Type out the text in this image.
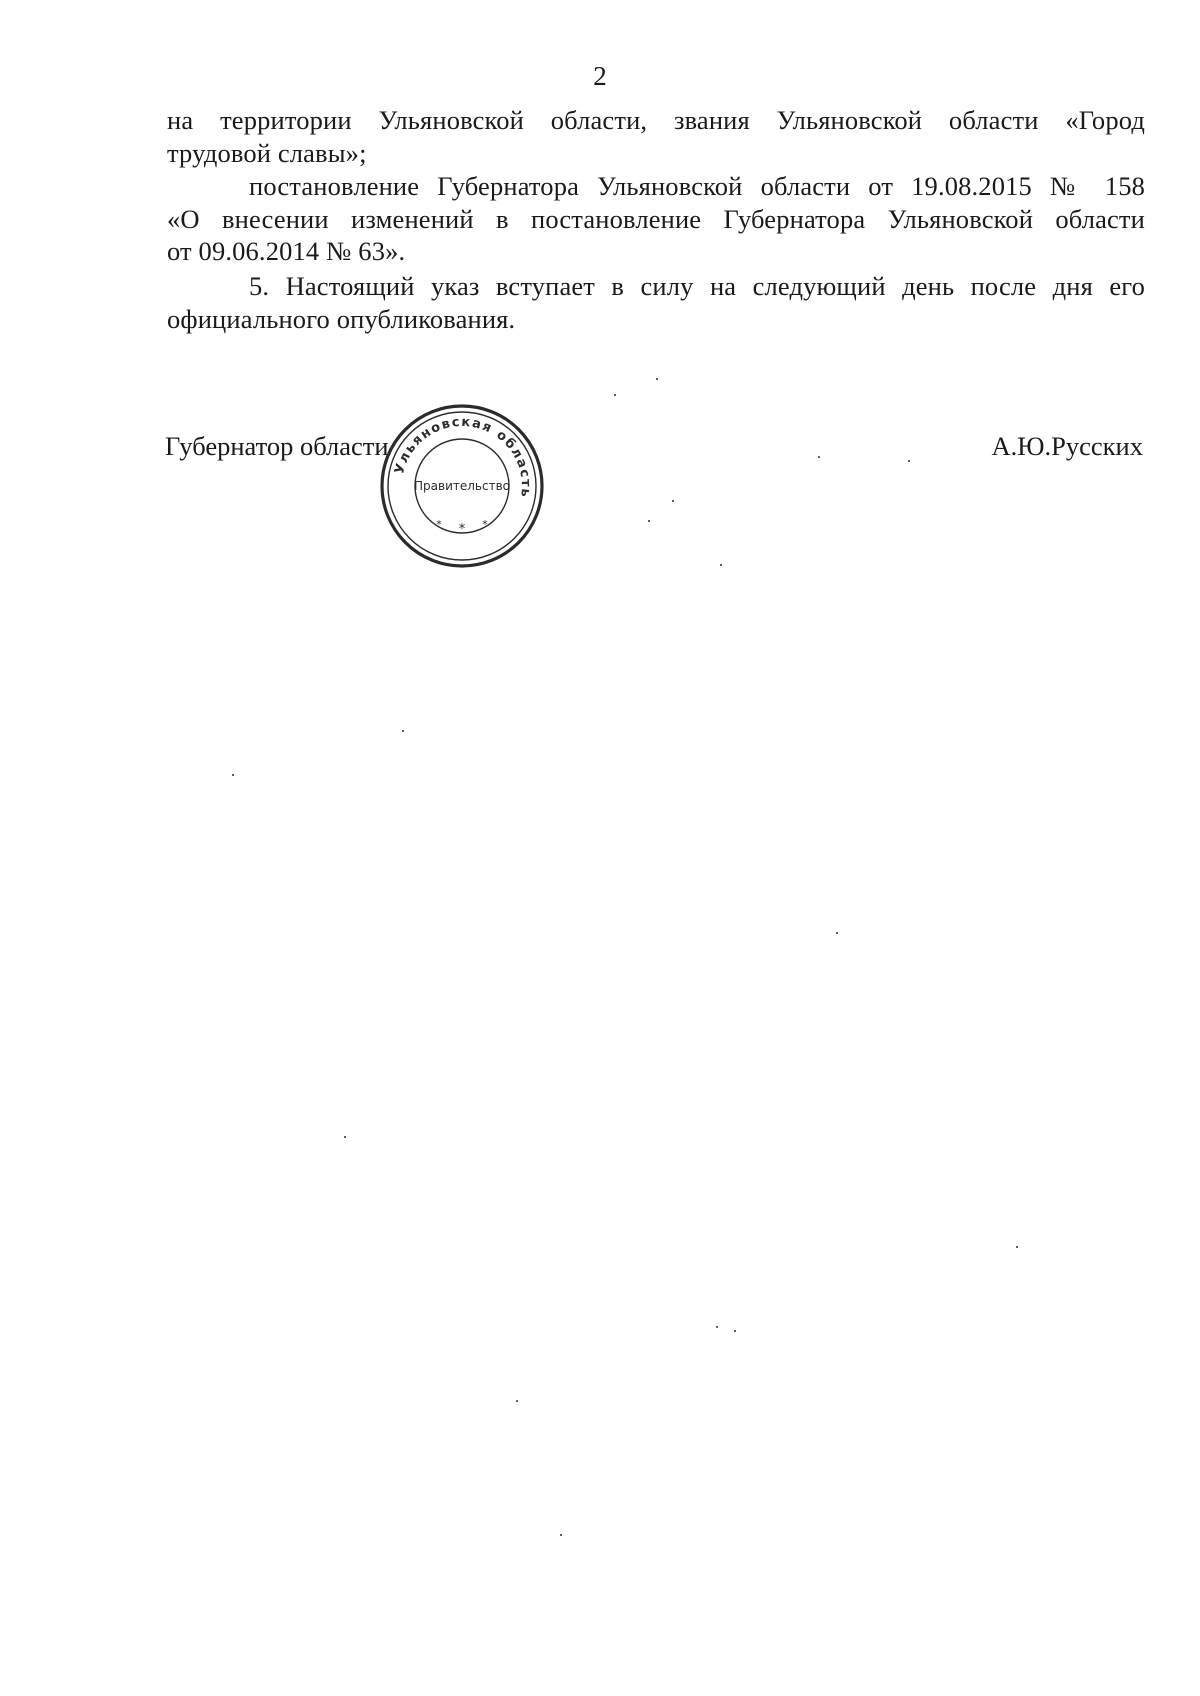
2

на территории Ульяновской области, звания Ульяновской области «Город
трудовой славы»;

постановление Губернатора Ульяновской области от 19.08.2015 № 158
«О внесении изменений в постановление Губернатора Ульяновской области
от 09.06.2014 № 63».

5. Настоящий указ вступает в силу на следующий день после дня его
официального опубликования.

Губернатор области	А.Ю.Русских
Ульяновская область
Правительство
*
*	*
